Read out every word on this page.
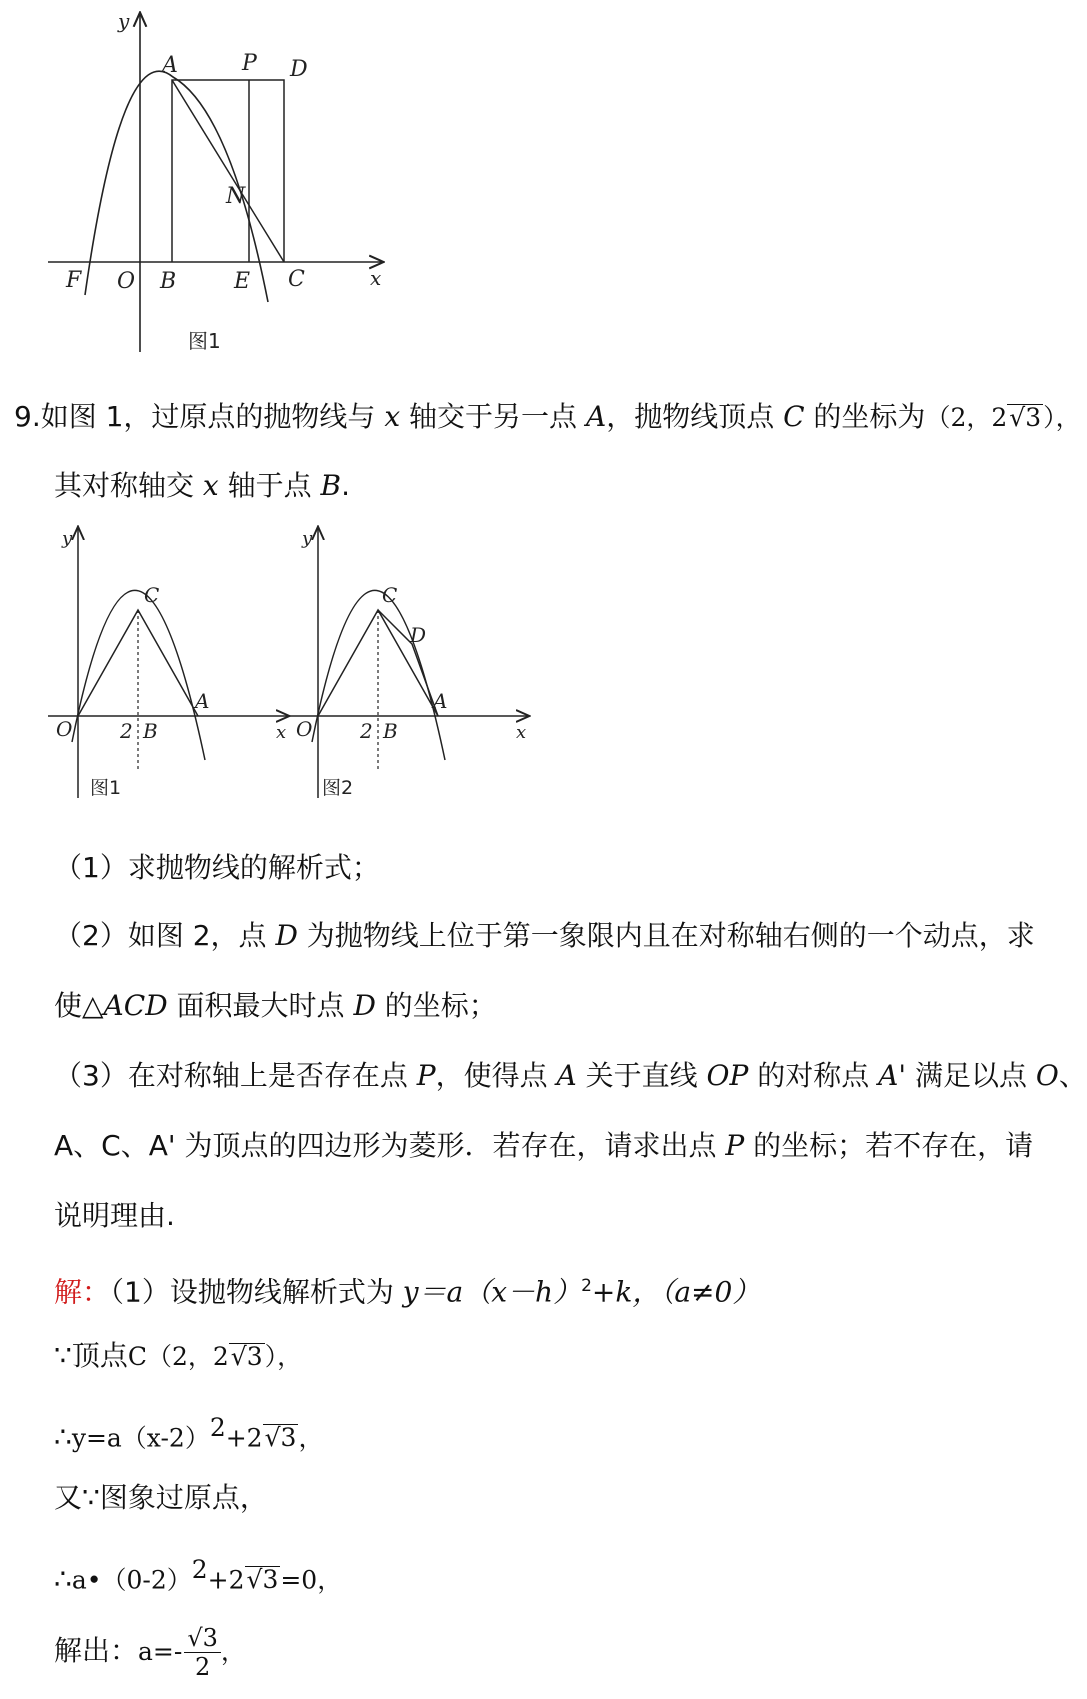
y
x
A	P D
N
F O B	E C
图1
9.如图 1，过原点的抛物线与 x 轴交于另一点 A，抛物线顶点 C 的坐标为（2，2√3），
其对称轴交 x 轴于点 B.
y
x
C
O 2 B
A
图1
y
x
C
D
O 2 B
A
图2
（1）求抛物线的解析式；
（2）如图 2，点 D 为抛物线上位于第一象限内且在对称轴右侧的一个动点，求
使△ACD 面积最大时点 D 的坐标；
（3）在对称轴上是否存在点 P，使得点 A 关于直线 OP 的对称点 A' 满足以点 O、
A、C、A' 为顶点的四边形为菱形．若存在，请求出点 P 的坐标；若不存在，请
说明理由.
解：（1）设抛物线解析式为 $y=a(x-h)^2+k$，（a≠0）
∵顶点C（2，2√3），
$\therefore y=a(x-2)^2+2√3$，
又∵图象过原点，
$\therefore a•(0-2)^2+2√3=0$，
解出：$a=- \frac{√3}{2}$ ，
